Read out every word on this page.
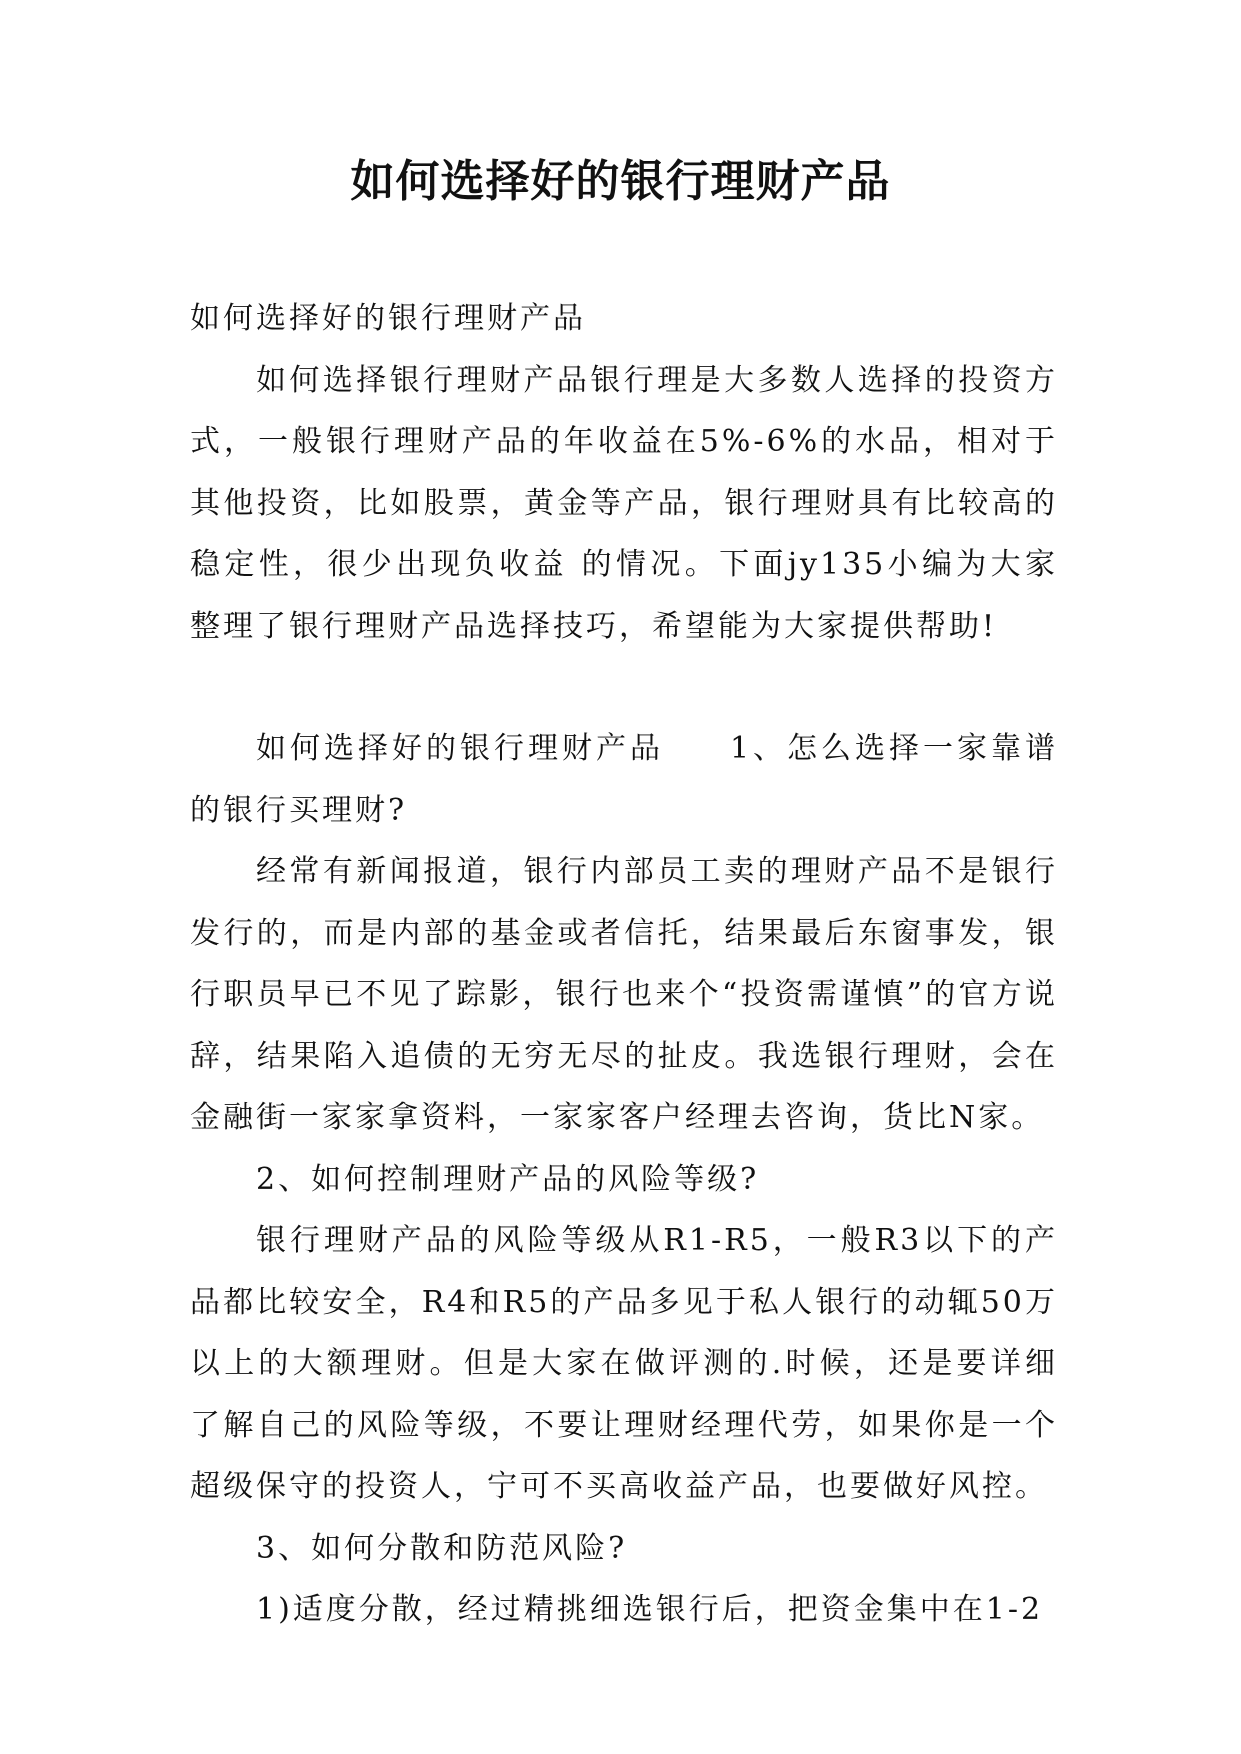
如何选择好的银行理财产品

如何选择好的银行理财产品

如何选择银行理财产品银行理是大多数人选择的投资方式，一般银行理财产品的年收益在5%-6%的水品，相对于其他投资，比如股票，黄金等产品，银行理财具有比较高的稳定性，很少出现负收益 的情况。下面jy135小编为大家整理了银行理财产品选择技巧，希望能为大家提供帮助!

如何选择好的银行理财产品 1、怎么选择一家靠谱的银行买理财?

经常有新闻报道，银行内部员工卖的理财产品不是银行发行的，而是内部的基金或者信托，结果最后东窗事发，银行职员早已不见了踪影，银行也来个“投资需谨慎”的官方说辞，结果陷入追债的无穷无尽的扯皮。我选银行理财，会在金融街一家家拿资料，一家家客户经理去咨询，货比N家。

2、如何控制理财产品的风险等级?

银行理财产品的风险等级从R1-R5，一般R3以下的产品都比较安全，R4和R5的产品多见于私人银行的动辄50万以上的大额理财。但是大家在做评测的.时候，还是要详细了解自己的风险等级，不要让理财经理代劳，如果你是一个超级保守的投资人，宁可不买高收益产品，也要做好风控。

3、如何分散和防范风险?

1)适度分散，经过精挑细选银行后，把资金集中在1-2
